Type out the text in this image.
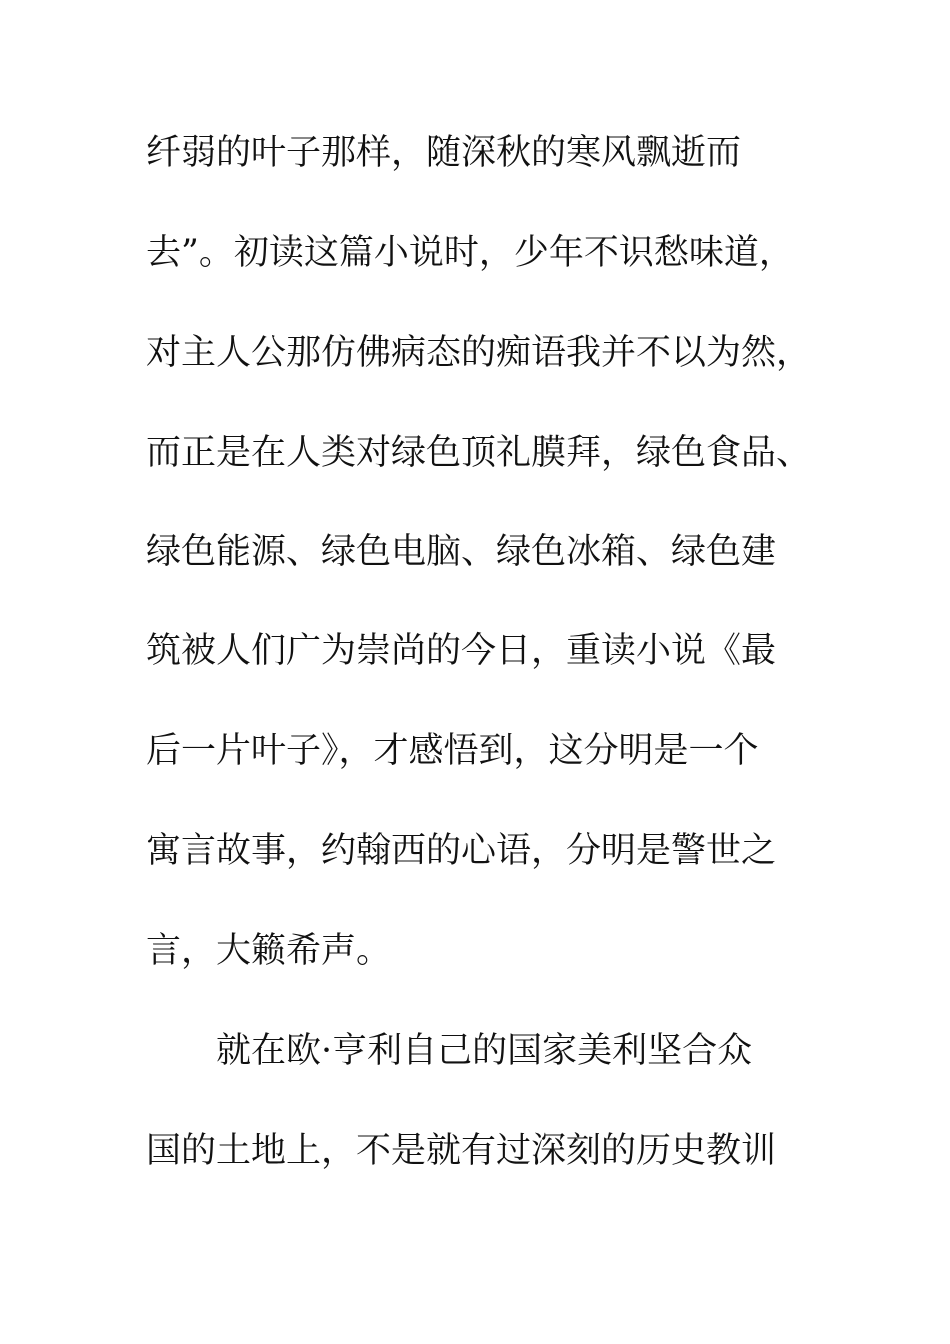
纤弱的叶子那样，随深秋的寒风飘逝而
去”。初读这篇小说时，少年不识愁味道，
对主人公那仿佛病态的痴语我并不以为然，
而正是在人类对绿色顶礼膜拜，绿色食品、
绿色能源、绿色电脑、绿色冰箱、绿色建
筑被人们广为崇尚的今日，重读小说《最
后一片叶子》，才感悟到，这分明是一个
寓言故事，约翰西的心语，分明是警世之
言，大籁希声。
就在欧·亨利自己的国家美利坚合众
国的土地上，不是就有过深刻的历史教训
